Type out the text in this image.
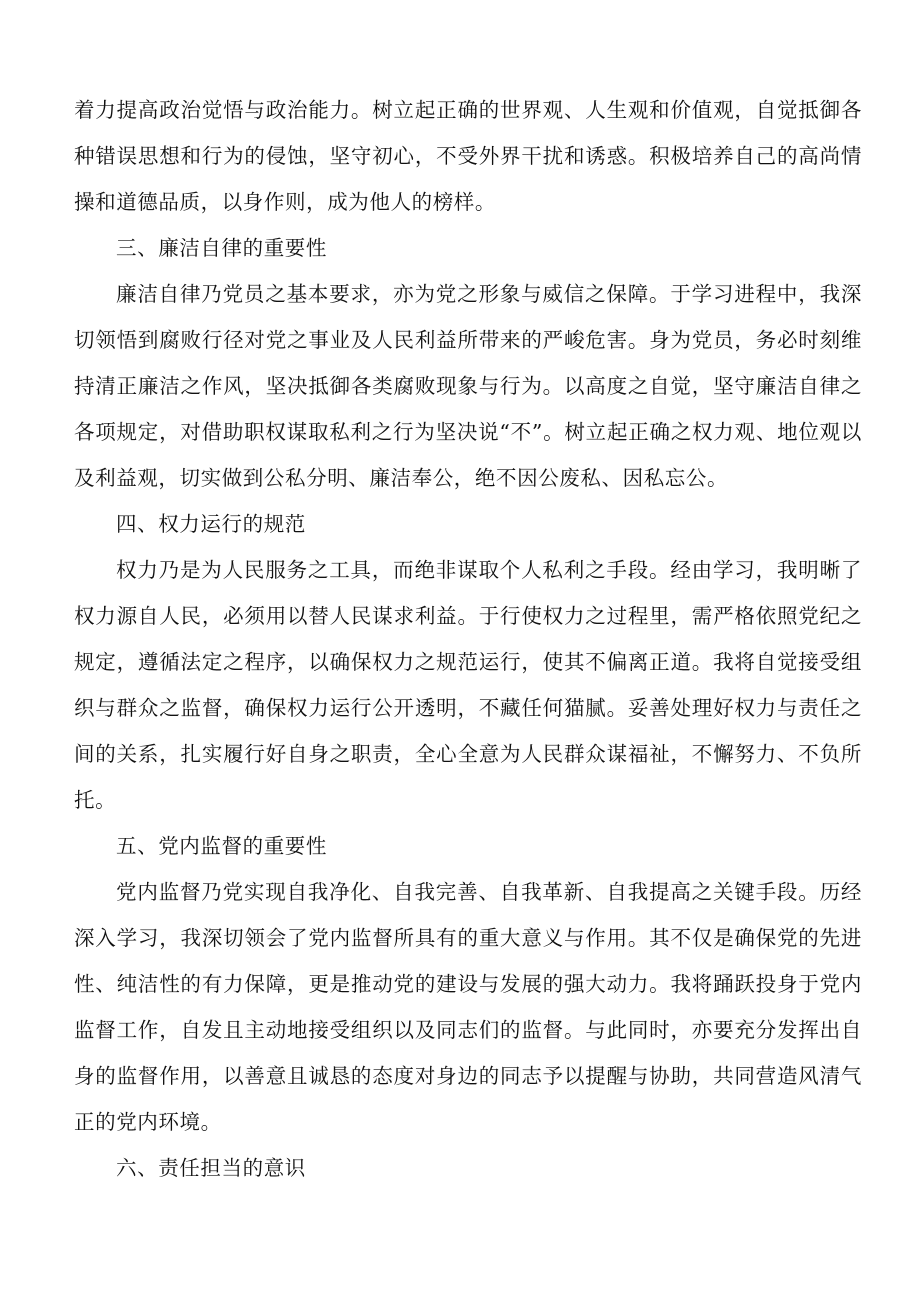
着力提高政治觉悟与政治能力。树立起正确的世界观、人生观和价值观，自觉抵御各种错误思想和行为的侵蚀，坚守初心，不受外界干扰和诱惑。积极培养自己的高尚情操和道德品质，以身作则，成为他人的榜样。

三、廉洁自律的重要性

廉洁自律乃党员之基本要求，亦为党之形象与威信之保障。于学习进程中，我深切领悟到腐败行径对党之事业及人民利益所带来的严峻危害。身为党员，务必时刻维持清正廉洁之作风，坚决抵御各类腐败现象与行为。以高度之自觉，坚守廉洁自律之各项规定，对借助职权谋取私利之行为坚决说“不”。树立起正确之权力观、地位观以及利益观，切实做到公私分明、廉洁奉公，绝不因公废私、因私忘公。

四、权力运行的规范

权力乃是为人民服务之工具，而绝非谋取个人私利之手段。经由学习，我明晰了权力源自人民，必须用以替人民谋求利益。于行使权力之过程里，需严格依照党纪之规定，遵循法定之程序，以确保权力之规范运行，使其不偏离正道。我将自觉接受组织与群众之监督，确保权力运行公开透明，不藏任何猫腻。妥善处理好权力与责任之间的关系，扎实履行好自身之职责，全心全意为人民群众谋福祉，不懈努力、不负所托。

五、党内监督的重要性

党内监督乃党实现自我净化、自我完善、自我革新、自我提高之关键手段。历经深入学习，我深切领会了党内监督所具有的重大意义与作用。其不仅是确保党的先进性、纯洁性的有力保障，更是推动党的建设与发展的强大动力。我将踊跃投身于党内监督工作，自发且主动地接受组织以及同志们的监督。与此同时，亦要充分发挥出自身的监督作用，以善意且诚恳的态度对身边的同志予以提醒与协助，共同营造风清气正的党内环境。

六、责任担当的意识
